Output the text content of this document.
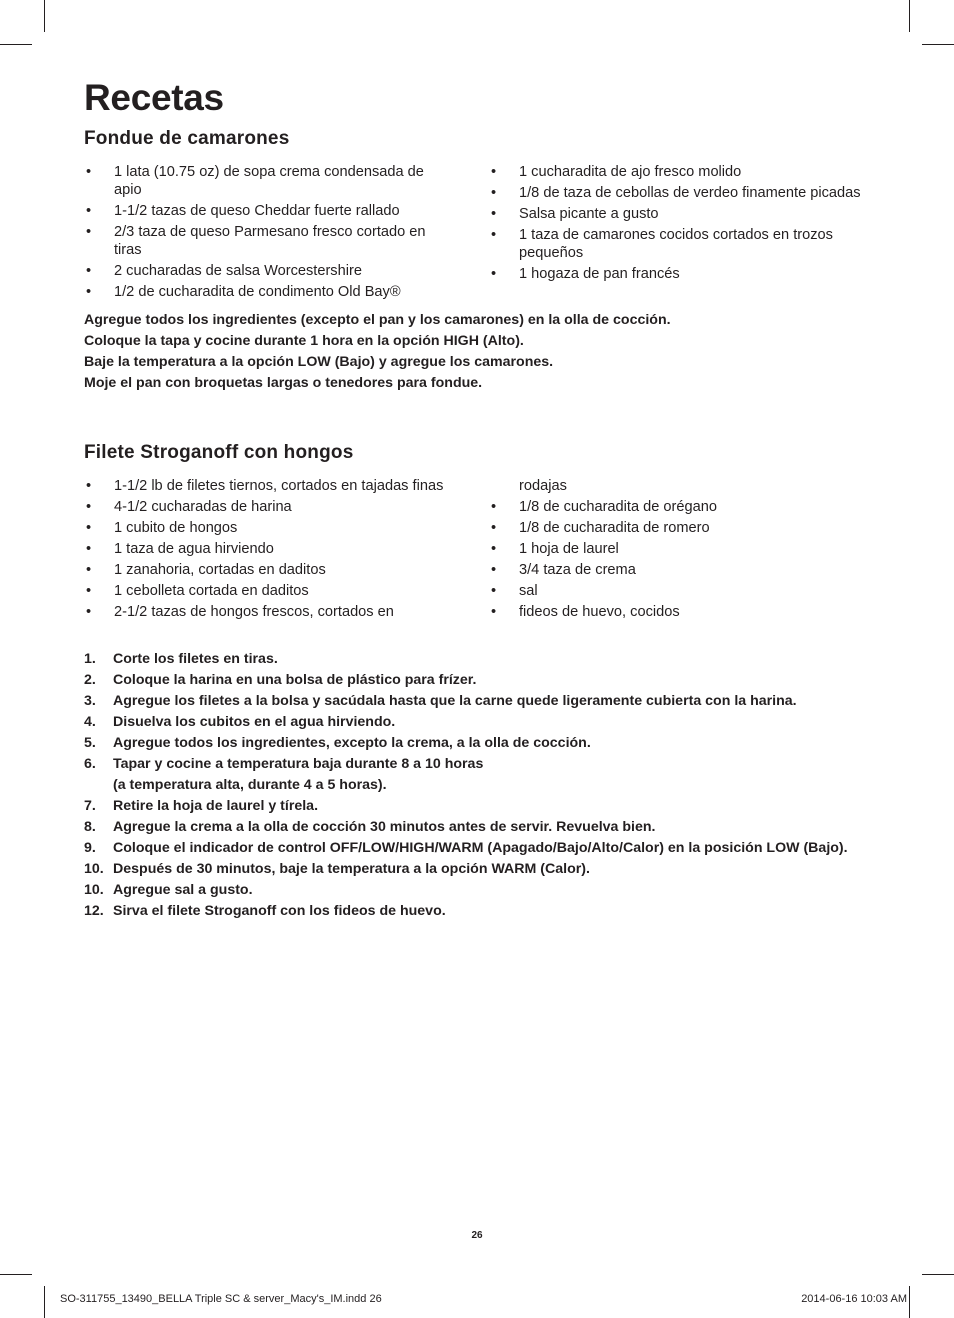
Recetas
Fondue de camarones
• 1 lata (10.75 oz) de sopa crema condensada de apio
• 1-1/2 tazas de queso Cheddar fuerte rallado
• 2/3 taza de queso Parmesano fresco cortado en tiras
• 2 cucharadas de salsa Worcestershire
• 1/2 de cucharadita de condimento Old Bay®
• 1 cucharadita de ajo fresco molido
• 1/8 de taza de cebollas de verdeo finamente picadas
• Salsa picante a gusto
• 1 taza de camarones cocidos cortados en trozos pequeños
• 1 hogaza de pan francés

Agregue todos los ingredientes (excepto el pan y los camarones) en la olla de cocción.

Coloque la tapa y cocine durante 1 hora en la opción HIGH (Alto).

Baje la temperatura a la opción LOW (Bajo) y agregue los camarones.

Moje el pan con broquetas largas o tenedores para fondue.

Filete Stroganoff con hongos
• 1-1/2 lb de filetes tiernos, cortados en tajadas finas
• 4-1/2 cucharadas de harina
• 1 cubito de hongos
• 1 taza de agua hirviendo
• 1 zanahoria, cortadas en daditos
• 1 cebolleta cortada en daditos
• 2-1/2 tazas de hongos frescos, cortados en
rodajas
• 1/8 de cucharadita de orégano
• 1/8 de cucharadita de romero
• 1 hoja de laurel
• 3/4 taza de crema
• sal
• fideos de huevo, cocidos
1. Corte los filetes en tiras.
2. Coloque la harina en una bolsa de plástico para frízer.
3. Agregue los filetes a la bolsa y sacúdala hasta que la carne quede ligeramente cubierta con la harina.
4. Disuelva los cubitos en el agua hirviendo.
5. Agregue todos los ingredientes, excepto la crema, a la olla de cocción.
6. Tapar y cocine a temperatura baja durante 8 a 10 horas
(a temperatura alta, durante 4 a 5 horas).
7. Retire la hoja de laurel y tírela.
8. Agregue la crema a la olla de cocción 30 minutos antes de servir. Revuelva bien.
9. Coloque el indicador de control OFF/LOW/HIGH/WARM (Apagado/Bajo/Alto/Calor) en la posición LOW (Bajo).
10. Después de 30 minutos, baje la temperatura a la opción WARM (Calor).
10. Agregue sal a gusto.
12. Sirva el filete Stroganoff con los fideos de huevo.
26
SO-311755_13490_BELLA Triple SC & server_Macy's_IM.indd 26	2014-06-16 10:03 AM
